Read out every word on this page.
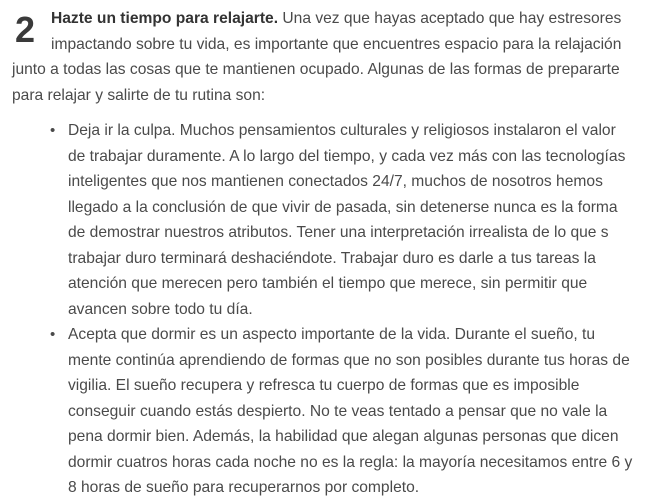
2	Hazte un tiempo para relajarte. Una vez que hayas aceptado que hay estresores impactando sobre tu vida, es importante que encuentres espacio para la relajación junto a todas las cosas que te mantienen ocupado. Algunas de las formas de prepararte para relajar y salirte de tu rutina son:

• Deja ir la culpa. Muchos pensamientos culturales y religiosos instalaron el valor de trabajar duramente. A lo largo del tiempo, y cada vez más con las tecnologías inteligentes que nos mantienen conectados 24/7, muchos de nosotros hemos llegado a la conclusión de que vivir de pasada, sin detenerse nunca es la forma de demostrar nuestros atributos. Tener una interpretación irrealista de lo que s trabajar duro terminará deshaciéndote. Trabajar duro es darle a tus tareas la atención que merecen pero también el tiempo que merece, sin permitir que avancen sobre todo tu día.
• Acepta que dormir es un aspecto importante de la vida. Durante el sueño, tu mente continúa aprendiendo de formas que no son posibles durante tus horas de vigilia. El sueño recupera y refresca tu cuerpo de formas que es imposible conseguir cuando estás despierto. No te veas tentado a pensar que no vale la pena dormir bien. Además, la habilidad que alegan algunas personas que dicen dormir cuatros horas cada noche no es la regla: la mayoría necesitamos entre 6 y 8 horas de sueño para recuperarnos por completo.
